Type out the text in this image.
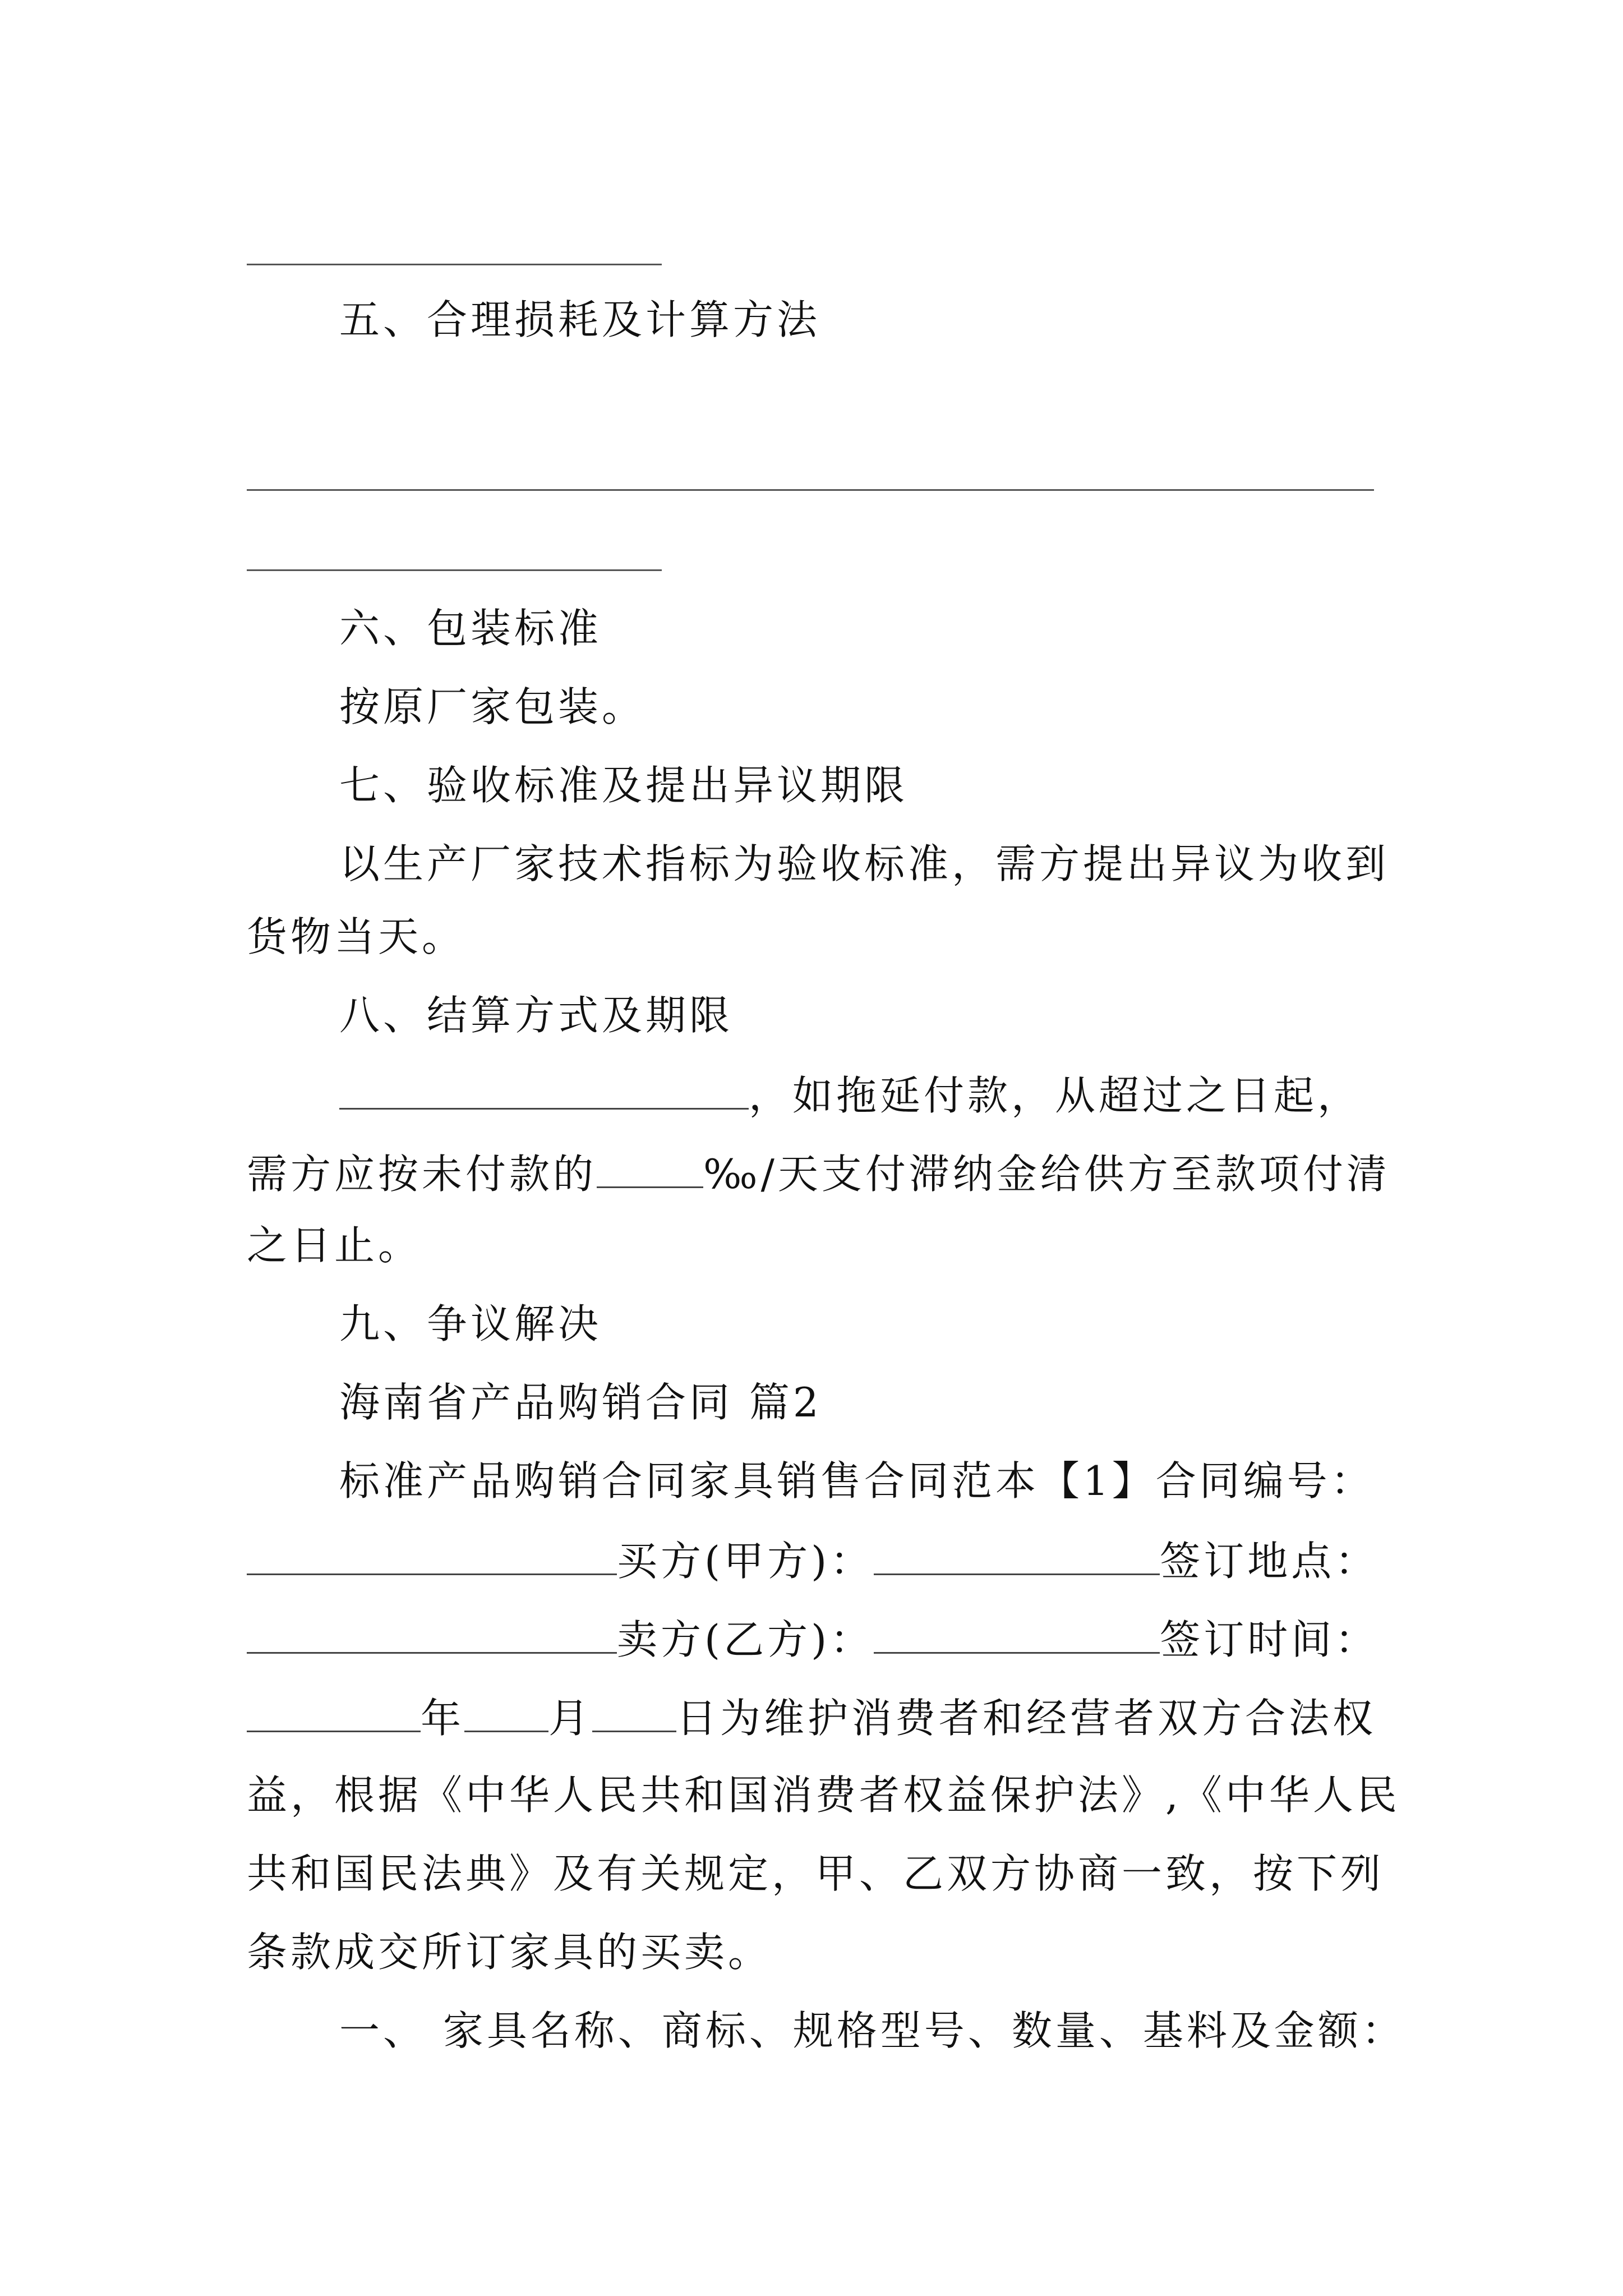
五、合理损耗及计算方法
六、包装标准
按原厂家包装。
七、验收标准及提出异议期限
以生产厂家技术指标为验收标准，需方提出异议为收到
货物当天。
八、结算方式及期限
，如拖延付款，从超过之日起，
需方应按未付款的	‰/天支付滞纳金给供方至款项付清
之日止。
九、争议解决
海南省产品购销合同 篇2
标准产品购销合同家具销售合同范本【1】合同编号：
买方(甲方)：	签订地点：
卖方(乙方)：	签订时间：
年 月 日为维护消费者和经营者双方合法权
益，根据《中华人民共和国消费者权益保护法》,《中华人民
共和国民法典》及有关规定，甲、乙双方协商一致，按下列
条款成交所订家具的买卖。
一、 家具名称、商标、规格型号、数量、基料及金额：
